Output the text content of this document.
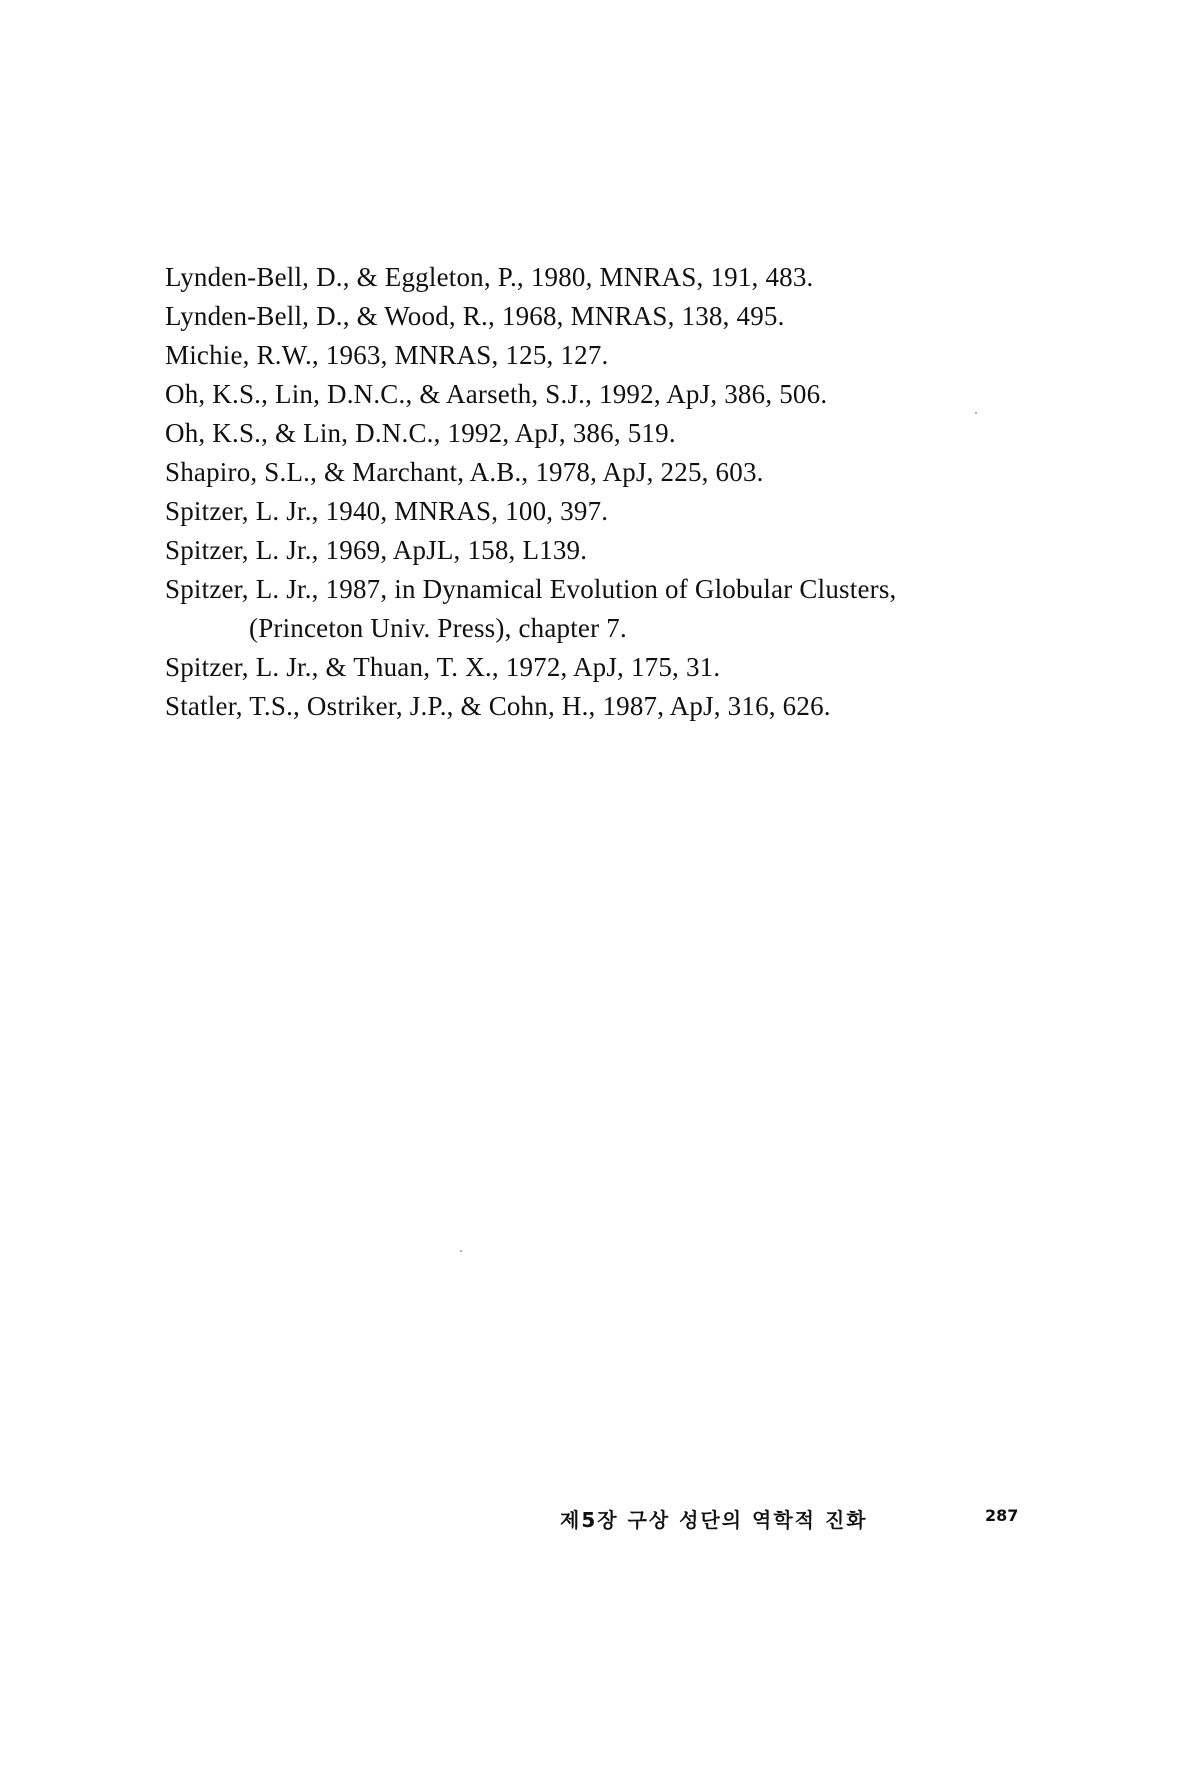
Lynden-Bell, D., & Eggleton, P., 1980, MNRAS, 191, 483.
Lynden-Bell, D., & Wood, R., 1968, MNRAS, 138, 495.
Michie, R.W., 1963, MNRAS, 125, 127.
Oh, K.S., Lin, D.N.C., & Aarseth, S.J., 1992, ApJ, 386, 506.
Oh, K.S., & Lin, D.N.C., 1992, ApJ, 386, 519.
Shapiro, S.L., & Marchant, A.B., 1978, ApJ, 225, 603.
Spitzer, L. Jr., 1940, MNRAS, 100, 397.
Spitzer, L. Jr., 1969, ApJL, 158, L139.
Spitzer, L. Jr., 1987, in Dynamical Evolution of Globular Clusters,
(Princeton Univ. Press), chapter 7.
Spitzer, L. Jr., & Thuan, T. X., 1972, ApJ, 175, 31.
Statler, T.S., Ostriker, J.P., & Cohn, H., 1987, ApJ, 316, 626.
제5장 구상 성단의 역학적 진화	287
